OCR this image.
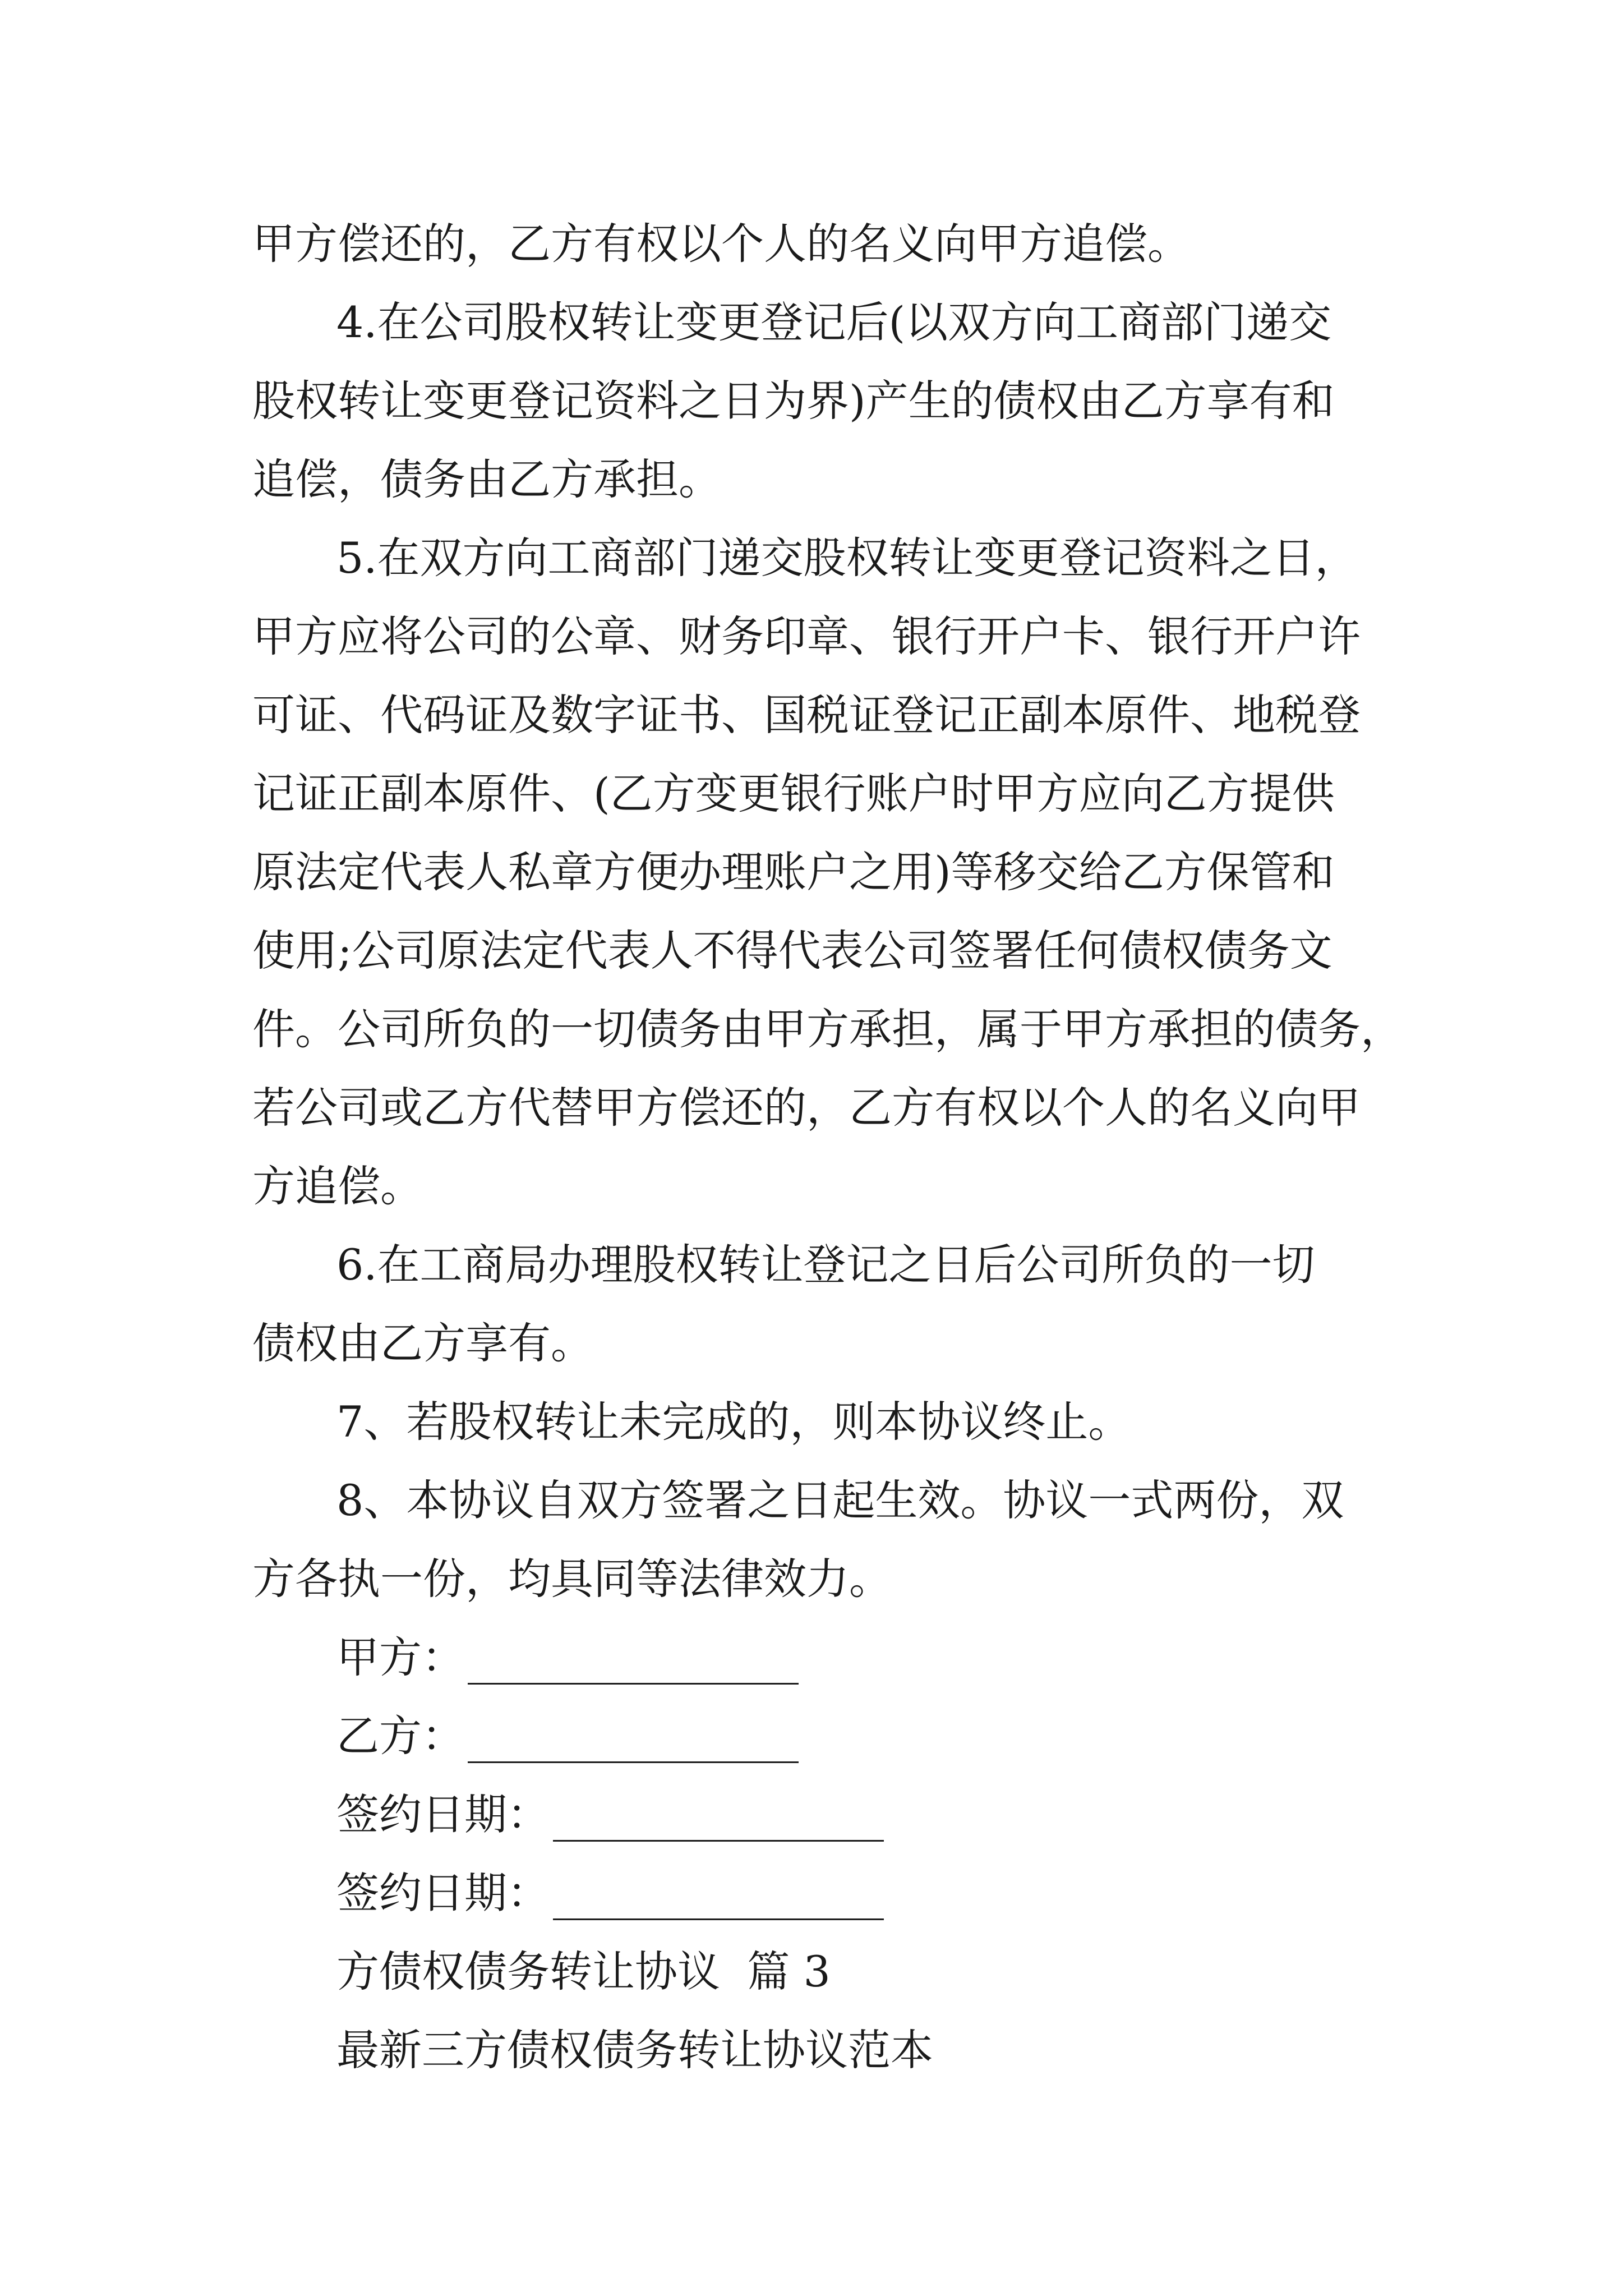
甲方偿还的，乙方有权以个人的名义向甲方追偿。
4.在公司股权转让变更登记后(以双方向工商部门递交
股权转让变更登记资料之日为界)产生的债权由乙方享有和
追偿，债务由乙方承担。
5.在双方向工商部门递交股权转让变更登记资料之日，
甲方应将公司的公章、财务印章、银行开户卡、银行开户许
可证、代码证及数字证书、国税证登记正副本原件、地税登
记证正副本原件、(乙方变更银行账户时甲方应向乙方提供
原法定代表人私章方便办理账户之用)等移交给乙方保管和
使用;公司原法定代表人不得代表公司签署任何债权债务文
件。公司所负的一切债务由甲方承担，属于甲方承担的债务，
若公司或乙方代替甲方偿还的，乙方有权以个人的名义向甲
方追偿。
6.在工商局办理股权转让登记之日后公司所负的一切
债权由乙方享有。
7、若股权转让未完成的，则本协议终止。
8、本协议自双方签署之日起生效。协议一式两份，双
方各执一份，均具同等法律效力。
甲方：
乙方：
签约日期：
签约日期：
方债权债务转让协议  篇 3
最新三方债权债务转让协议范本
